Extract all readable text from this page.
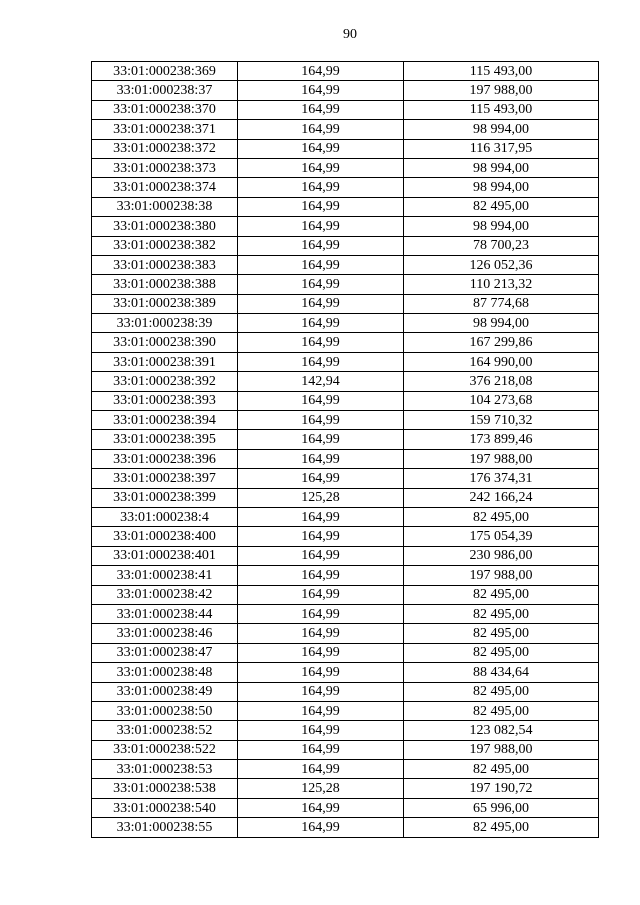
90
33:01:000238:369	164,99	115 493,00
33:01:000238:37	164,99	197 988,00
33:01:000238:370	164,99	115 493,00
33:01:000238:371	164,99	98 994,00
33:01:000238:372	164,99	116 317,95
33:01:000238:373	164,99	98 994,00
33:01:000238:374	164,99	98 994,00
33:01:000238:38	164,99	82 495,00
33:01:000238:380	164,99	98 994,00
33:01:000238:382	164,99	78 700,23
33:01:000238:383	164,99	126 052,36
33:01:000238:388	164,99	110 213,32
33:01:000238:389	164,99	87 774,68
33:01:000238:39	164,99	98 994,00
33:01:000238:390	164,99	167 299,86
33:01:000238:391	164,99	164 990,00
33:01:000238:392	142,94	376 218,08
33:01:000238:393	164,99	104 273,68
33:01:000238:394	164,99	159 710,32
33:01:000238:395	164,99	173 899,46
33:01:000238:396	164,99	197 988,00
33:01:000238:397	164,99	176 374,31
33:01:000238:399	125,28	242 166,24
33:01:000238:4	164,99	82 495,00
33:01:000238:400	164,99	175 054,39
33:01:000238:401	164,99	230 986,00
33:01:000238:41	164,99	197 988,00
33:01:000238:42	164,99	82 495,00
33:01:000238:44	164,99	82 495,00
33:01:000238:46	164,99	82 495,00
33:01:000238:47	164,99	82 495,00
33:01:000238:48	164,99	88 434,64
33:01:000238:49	164,99	82 495,00
33:01:000238:50	164,99	82 495,00
33:01:000238:52	164,99	123 082,54
33:01:000238:522	164,99	197 988,00
33:01:000238:53	164,99	82 495,00
33:01:000238:538	125,28	197 190,72
33:01:000238:540	164,99	65 996,00
33:01:000238:55	164,99	82 495,00
